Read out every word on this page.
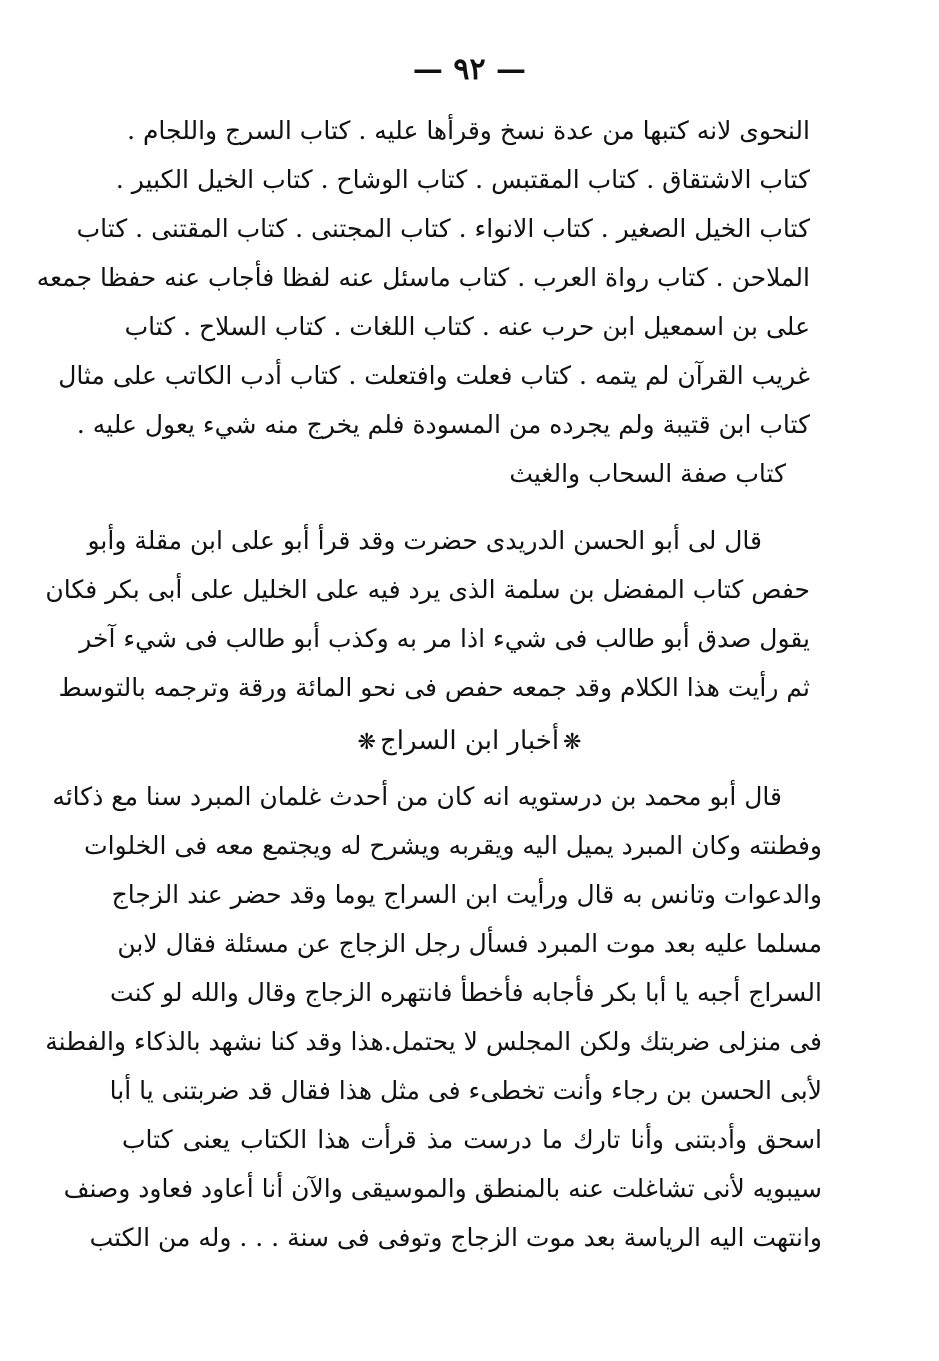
— ٩٢ —
النحوى لانه كتبها من عدة نسخ وقرأها عليه . كتاب السرج واللجام .
كتاب الاشتقاق . كتاب المقتبس . كتاب الوشاح . كتاب الخيل الكبير .
كتاب الخيل الصغير . كتاب الانواء . كتاب المجتنى . كتاب المقتنى . كتاب
الملاحن . كتاب رواة العرب . كتاب ماسئل عنه لفظا فأجاب عنه حفظا جمعه
على بن اسمعيل ابن حرب عنه . كتاب اللغات . كتاب السلاح . كتاب
غريب القرآن لم يتمه . كتاب فعلت وافتعلت . كتاب أدب الكاتب على مثال
كتاب ابن قتيبة ولم يجرده من المسودة فلم يخرج منه شيء يعول عليه .
كتاب صفة السحاب والغيث
قال لى أبو الحسن الدريدى حضرت وقد قرأ أبو على ابن مقلة وأبو
حفص كتاب المفضل بن سلمة الذى يرد فيه على الخليل على أبى بكر فكان
يقول صدق أبو طالب فى شيء اذا مر به وكذب أبو طالب فى شيء آخر
ثم رأيت هذا الكلام وقد جمعه حفص فى نحو المائة ورقة وترجمه بالتوسط
❋أخبار ابن السراج❋
قال أبو محمد بن درستويه انه كان من أحدث غلمان المبرد سنا مع ذكائه
وفطنته وكان المبرد يميل اليه ويقربه ويشرح له ويجتمع معه فى الخلوات
والدعوات وتانس به قال ورأيت ابن السراج يوما وقد حضر عند الزجاج
مسلما عليه بعد موت المبرد فسأل رجل الزجاج عن مسئلة فقال لابن
السراج أجبه يا أبا بكر فأجابه فأخطأ فانتهره الزجاج وقال والله لو كنت
فى منزلى ضربتك ولكن المجلس لا يحتمل.هذا وقد كنا نشهد بالذكاء والفطنة
لأبى الحسن بن رجاء وأنت تخطىء فى مثل هذا فقال قد ضربتنى يا أبا
اسحق وأدبتنى وأنا تارك ما درست مذ قرأت هذا الكتاب يعنى كتاب
سيبويه لأنى تشاغلت عنه بالمنطق والموسيقى والآن أنا أعاود فعاود وصنف
وانتهت اليه الرياسة بعد موت الزجاج وتوفى فى سنة . . . وله من الكتب
